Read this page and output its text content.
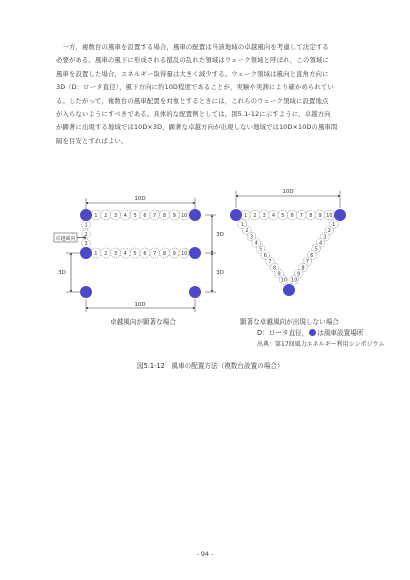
　一方，複数台の風車を設置する場合，風車の配置は当該地域の卓越風向を考慮して決定する

必要がある。風車の風下に形成される撹乱の乱れた領域はウェーク領域と呼ばれ，この領域に

風車を設置した場合，エネルギー取得量は大きく減少する。ウェーク領域は風向と直角方向に

3D（D：ロータ直径），風下方向に約10D程度であることが，実験や実測により確かめられてい

る。したがって，複数台の風車配置を対象とするときには，これらのウェーク領域に設置地点

が入らないようにすべきである。具体的な配置例としては，図5.1-12に示すように，卓越方向

が顕著に出現する地域では10D×3D，顕著な卓越方向が出現しない地域では10D×10Dの風車間

隔を目安とすればよい。

10D
1 2 3 4 5 6 7 8 9 10
1 2 3 4 5 6 7 8 9 10
1
2
3
卓越風向
3D
3D
3D
10D
10D
1 2 3 4 5 6 7 8 9 10
1
2
3
4
5
6
7
8
9
10
1
2
3
4
5
6
7
8
9
10
卓越風向が顕著な場合	顕著な卓越風向が出現しない場合
D：ロータ直径， は風車設置場所
出典：第17回風力エネルギー利用シンポジウム
図5.1-12　風車の配置方法（複数台設置の場合）
- 94 -
